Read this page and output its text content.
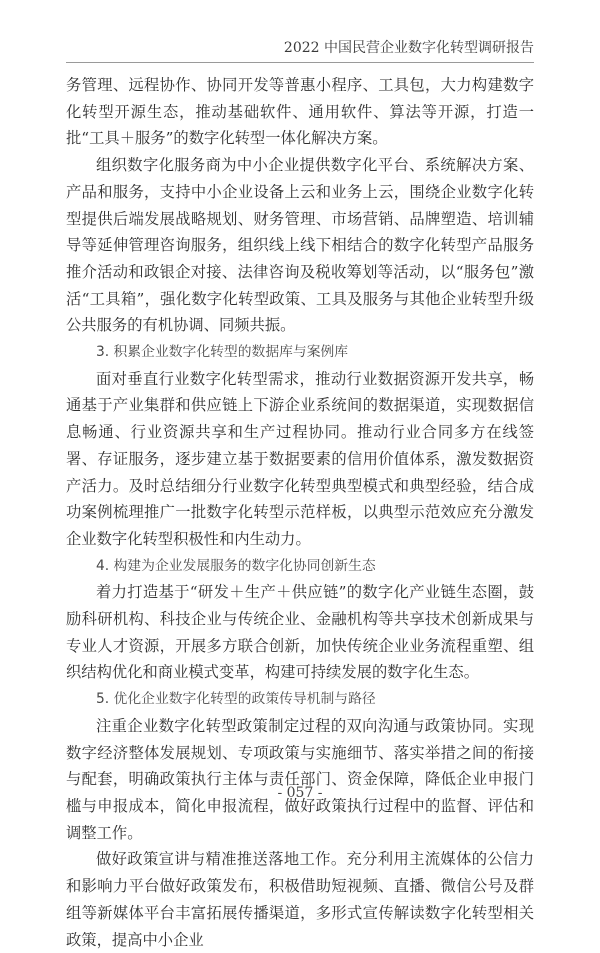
2022 中国民营企业数字化转型调研报告

务管理、远程协作、协同开发等普惠小程序、工具包，大力构建数字化转型开源生态，推动基础软件、通用软件、算法等开源，打造一批“工具＋服务”的数字化转型一体化解决方案。

组织数字化服务商为中小企业提供数字化平台、系统解决方案、产品和服务，支持中小企业设备上云和业务上云，围绕企业数字化转型提供后端发展战略规划、财务管理、市场营销、品牌塑造、培训辅导等延伸管理咨询服务，组织线上线下相结合的数字化转型产品服务推介活动和政银企对接、法律咨询及税收筹划等活动，以“服务包”激活“工具箱”，强化数字化转型政策、工具及服务与其他企业转型升级公共服务的有机协调、同频共振。

3. 积累企业数字化转型的数据库与案例库

面对垂直行业数字化转型需求，推动行业数据资源开发共享，畅通基于产业集群和供应链上下游企业系统间的数据渠道，实现数据信息畅通、行业资源共享和生产过程协同。推动行业合同多方在线签署、存证服务，逐步建立基于数据要素的信用价值体系，激发数据资产活力。及时总结细分行业数字化转型典型模式和典型经验，结合成功案例梳理推广一批数字化转型示范样板，以典型示范效应充分激发企业数字化转型积极性和内生动力。

4. 构建为企业发展服务的数字化协同创新生态

着力打造基于“研发＋生产＋供应链”的数字化产业链生态圈，鼓励科研机构、科技企业与传统企业、金融机构等共享技术创新成果与专业人才资源，开展多方联合创新，加快传统企业业务流程重塑、组织结构优化和商业模式变革，构建可持续发展的数字化生态。

5. 优化企业数字化转型的政策传导机制与路径

注重企业数字化转型政策制定过程的双向沟通与政策协同。实现数字经济整体发展规划、专项政策与实施细节、落实举措之间的衔接与配套，明确政策执行主体与责任部门、资金保障，降低企业申报门槛与申报成本，简化申报流程，做好政策执行过程中的监督、评估和调整工作。

做好政策宣讲与精准推送落地工作。充分利用主流媒体的公信力和影响力平台做好政策发布，积极借助短视频、直播、微信公号及群组等新媒体平台丰富拓展传播渠道，多形式宣传解读数字化转型相关政策，提高中小企业

- 057 -
